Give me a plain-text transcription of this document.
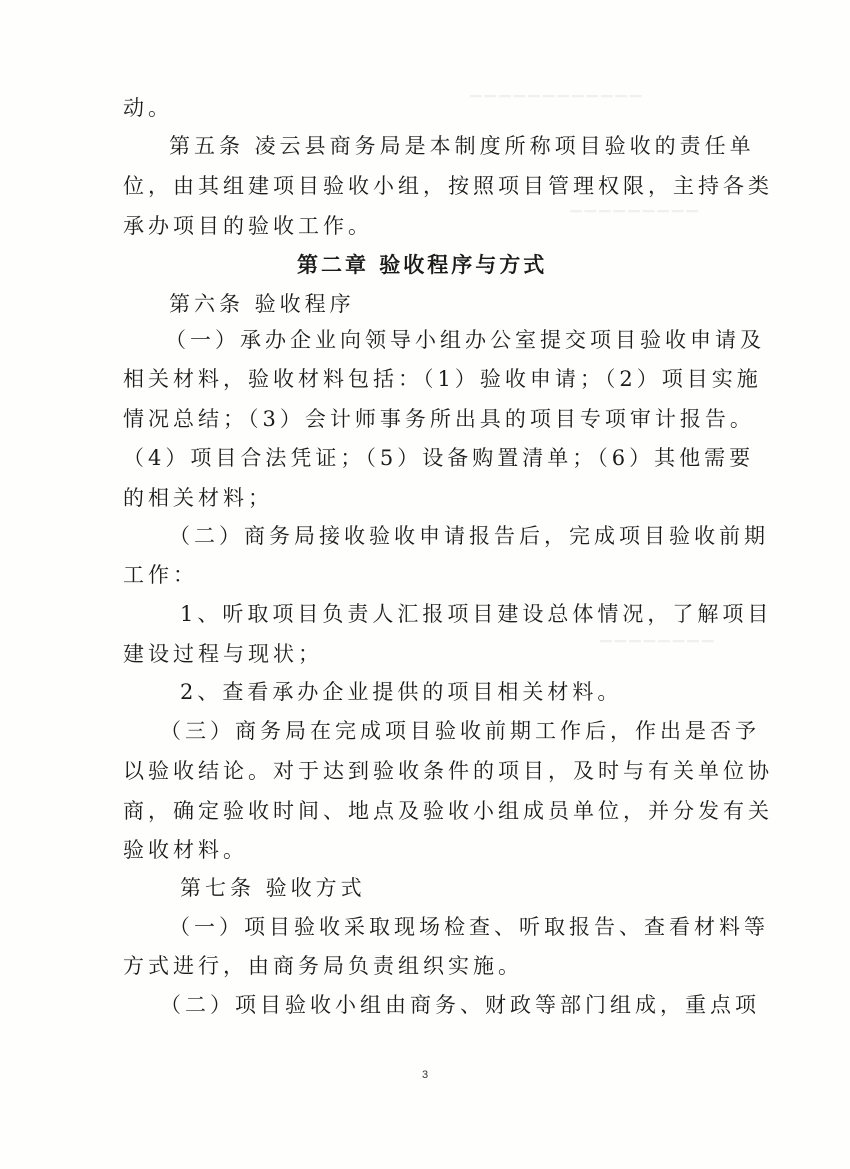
▔▔▔▔▔▔▔▔▔▔▔▔
▔▔▔▔▔▔▔▔▔
▔▔▔▔▔▔▔▔
动。
第五条 凌云县商务局是本制度所称项目验收的责任单
位，由其组建项目验收小组，按照项目管理权限，主持各类
承办项目的验收工作。
第二章 验收程序与方式
第六条 验收程序
（一）承办企业向领导小组办公室提交项目验收申请及
相关材料，验收材料包括：（1）验收申请；（2）项目实施
情况总结；（3）会计师事务所出具的项目专项审计报告。
（4）项目合法凭证；（5）设备购置清单；（6）其他需要
的相关材料；
（二）商务局接收验收申请报告后，完成项目验收前期
工作：
1、听取项目负责人汇报项目建设总体情况，了解项目
建设过程与现状；
2、查看承办企业提供的项目相关材料。
（三）商务局在完成项目验收前期工作后，作出是否予
以验收结论。对于达到验收条件的项目，及时与有关单位协
商，确定验收时间、地点及验收小组成员单位，并分发有关
验收材料。
第七条 验收方式
（一）项目验收采取现场检查、听取报告、查看材料等
方式进行，由商务局负责组织实施。
（二）项目验收小组由商务、财政等部门组成，重点项
3
